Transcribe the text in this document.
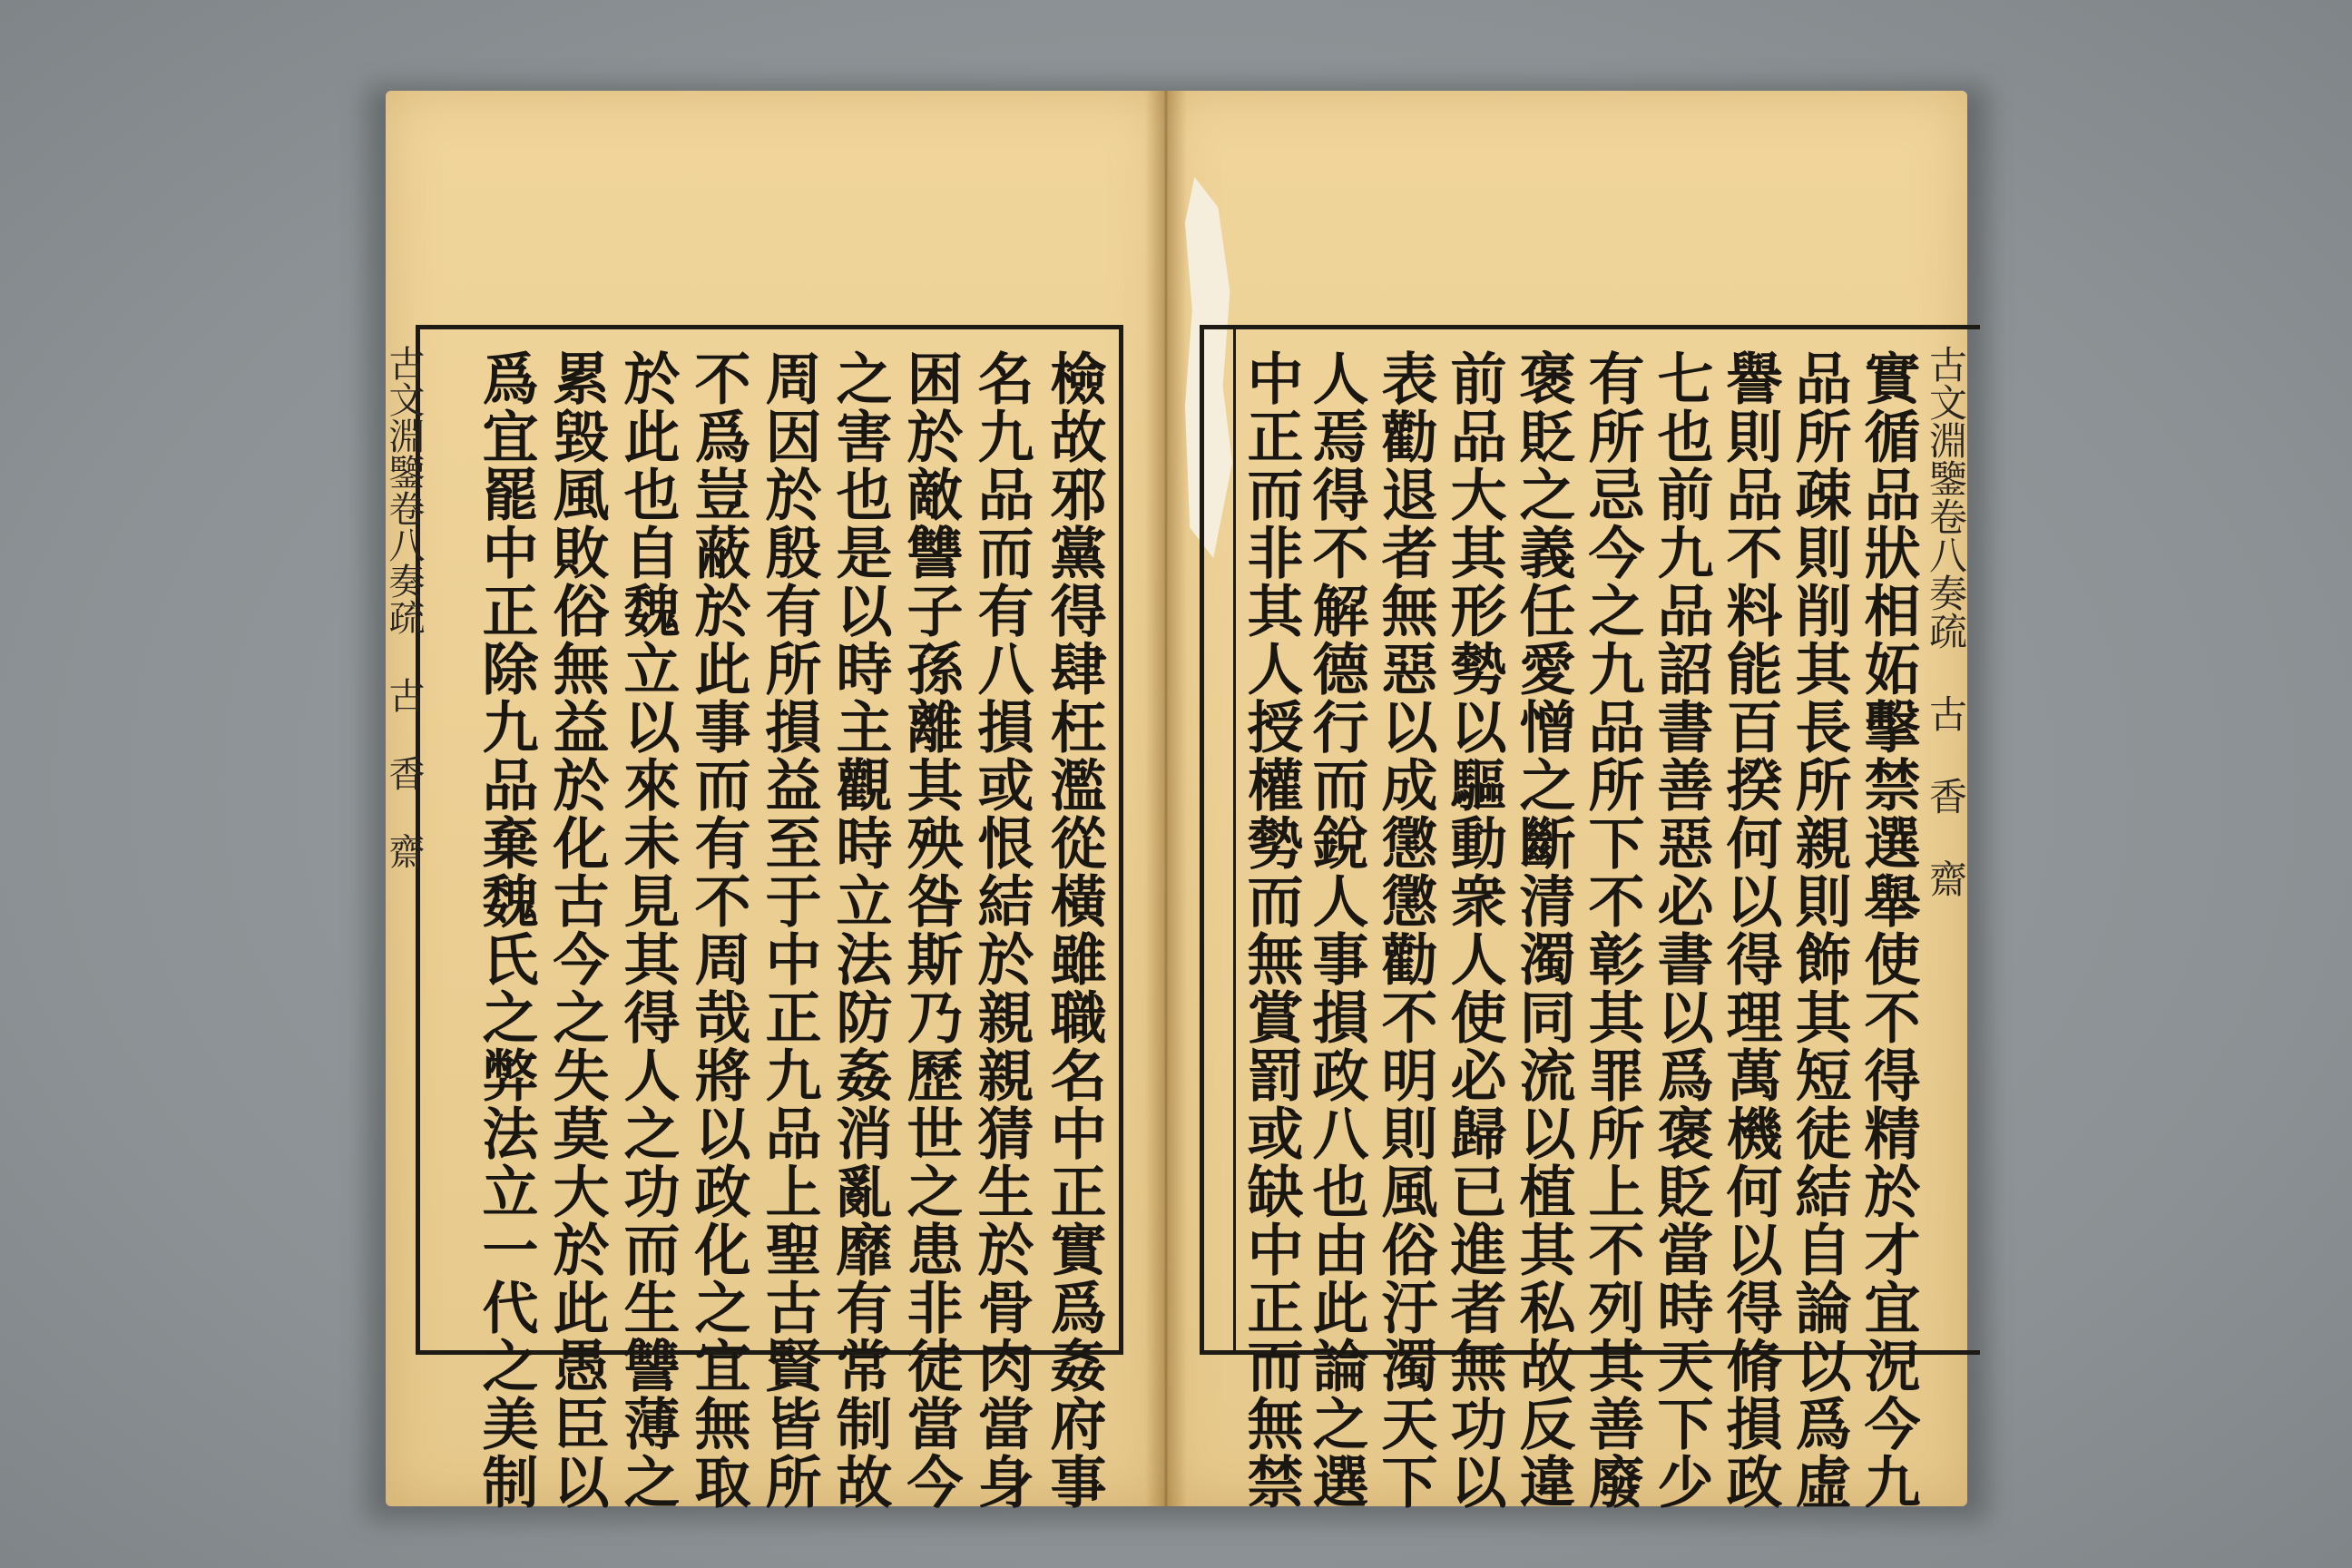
古文淵鑒卷八奏疏 古 香 齋	古文淵鑒卷八奏疏 古 香 齋
檢故邪黨得肆枉濫從橫雖職名中正實爲姦府事
名九品而有八損或恨結於親親猜生於骨肉當身
困於敵讐子孫離其殃咎斯乃歷世之患非徒當今
之害也是以時主觀時立法防姦消亂靡有常制故
周因於殷有所損益至于中正九品上聖古賢皆所
不爲豈蔽於此事而有不周哉將以政化之宜無取
於此也自魏立以來未見其得人之功而生讐薄之
累毀風敗俗無益於化古今之失莫大於此愚臣以
爲宜罷中正除九品棄魏氏之弊法立一代之美制	實循品狀相妬擊禁選舉使不得精於才宜況今九
品所疎則削其長所親則飾其短徒結自論以爲虛
譽則品不料能百揆何以得理萬機何以得脩損政
七也前九品詔書善惡必書以爲褒貶當時天下少
有所忌今之九品所下不彰其罪所上不列其善廢
褒貶之義任愛憎之斷清濁同流以植其私故反違
前品大其形勢以驅動衆人使必歸已進者無功以
表勸退者無惡以成懲懲勸不明則風俗汙濁天下
人焉得不解德行而銳人事損政八也由此論之選
中正而非其人授權勢而無賞罰或缺中正而無禁
